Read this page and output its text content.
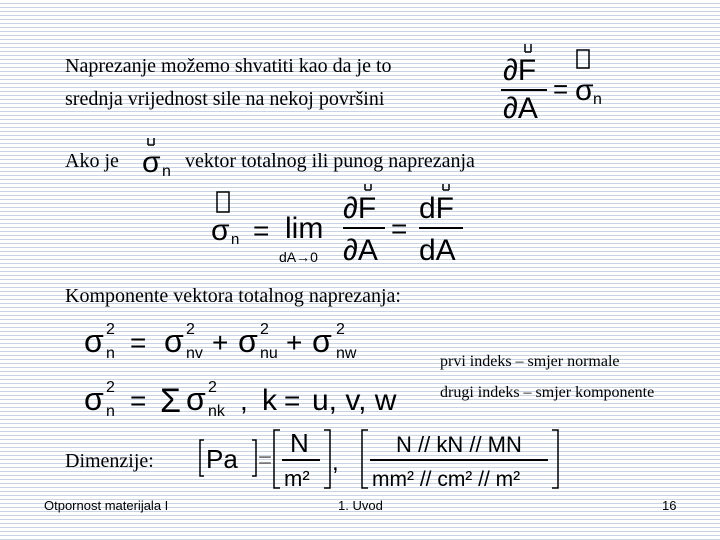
Naprezanje možemo shvatiti kao da je to
srednja vrijednost sile na nekoj površini
∂F
∂A
= σ n
Ako je σ n vektor totalnog ili punog naprezanja
σ n = lim
dA→0
∂F
∂A
=
dF
dA
Komponente vektora totalnog naprezanja:
σ 2
n = σ 2
nv + σ 2
nu + σ 2
nw	prvi indeks – smjer normale
drugi indeks – smjer komponente
σ 2
n = Σ σ 2
nk , k = u, v, w
Dimenzije: Pa =
N
m²
,
N // kN // MN
mm² // cm² // m²
Otpornost materijala I	1. Uvod	16
